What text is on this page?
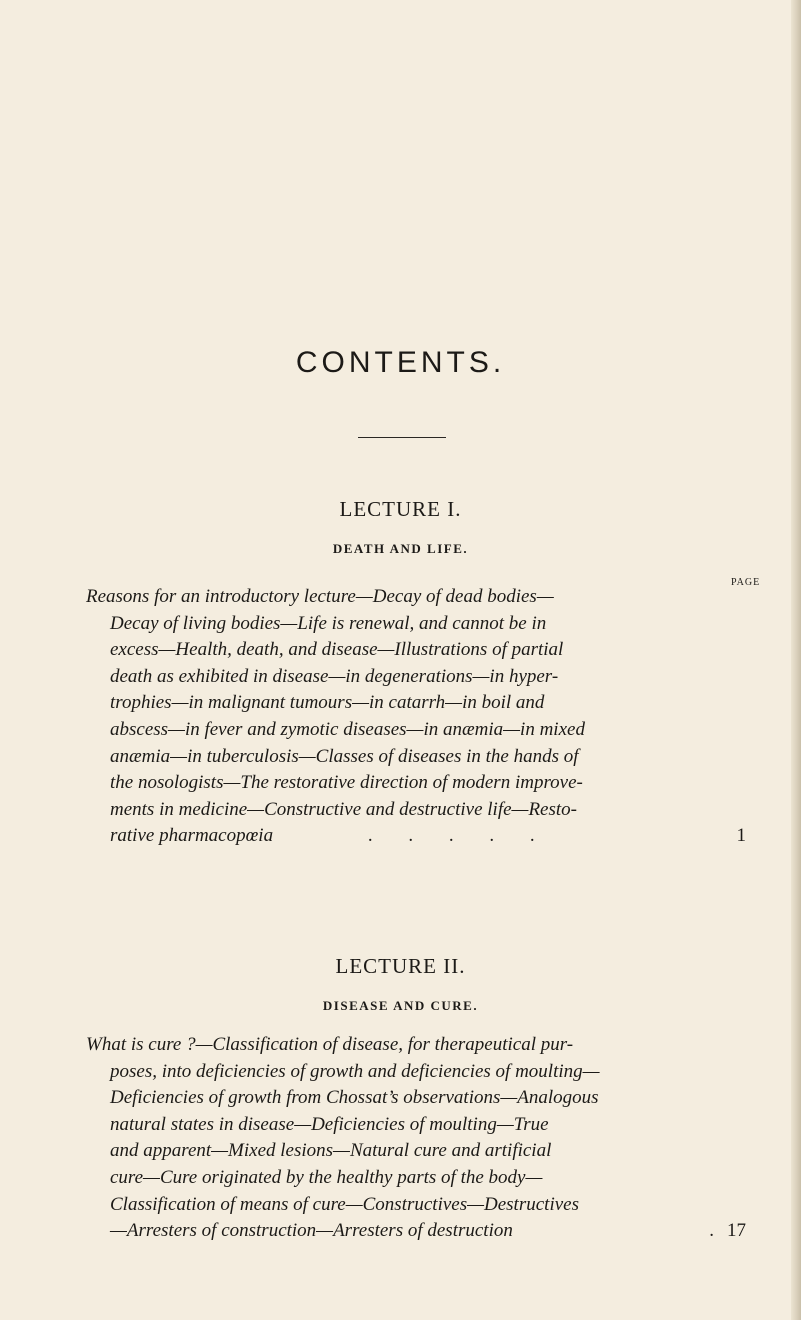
CONTENTS.
LECTURE I.
DEATH AND LIFE.
PAGE
Reasons for an introductory lecture—Decay of dead bodies—
Decay of living bodies—Life is renewal, and cannot be in
excess—Health, death, and disease—Illustrations of partial
death as exhibited in disease—in degenerations—in hyper-
trophies—in malignant tumours—in catarrh—in boil and
abscess—in fever and zymotic diseases—in anæmia—in mixed
anæmia—in tuberculosis—Classes of diseases in the hands of
the nosologists—The restorative direction of modern improve-
ments in medicine—Constructive and destructive life—Resto-
rative pharmacopœia	.     .     .     .     .	1
LECTURE II.
DISEASE AND CURE.
What is cure ?—Classification of disease, for therapeutical pur-
poses, into deficiencies of growth and deficiencies of moulting—
Deficiencies of growth from Chossat’s observations—Analogous
natural states in disease—Deficiencies of moulting—True
and apparent—Mixed lesions—Natural cure and artificial
cure—Cure originated by the healthy parts of the body—
Classification of means of cure—Constructives—Destructives
—Arresters of construction—Arresters of destruction	. 17
